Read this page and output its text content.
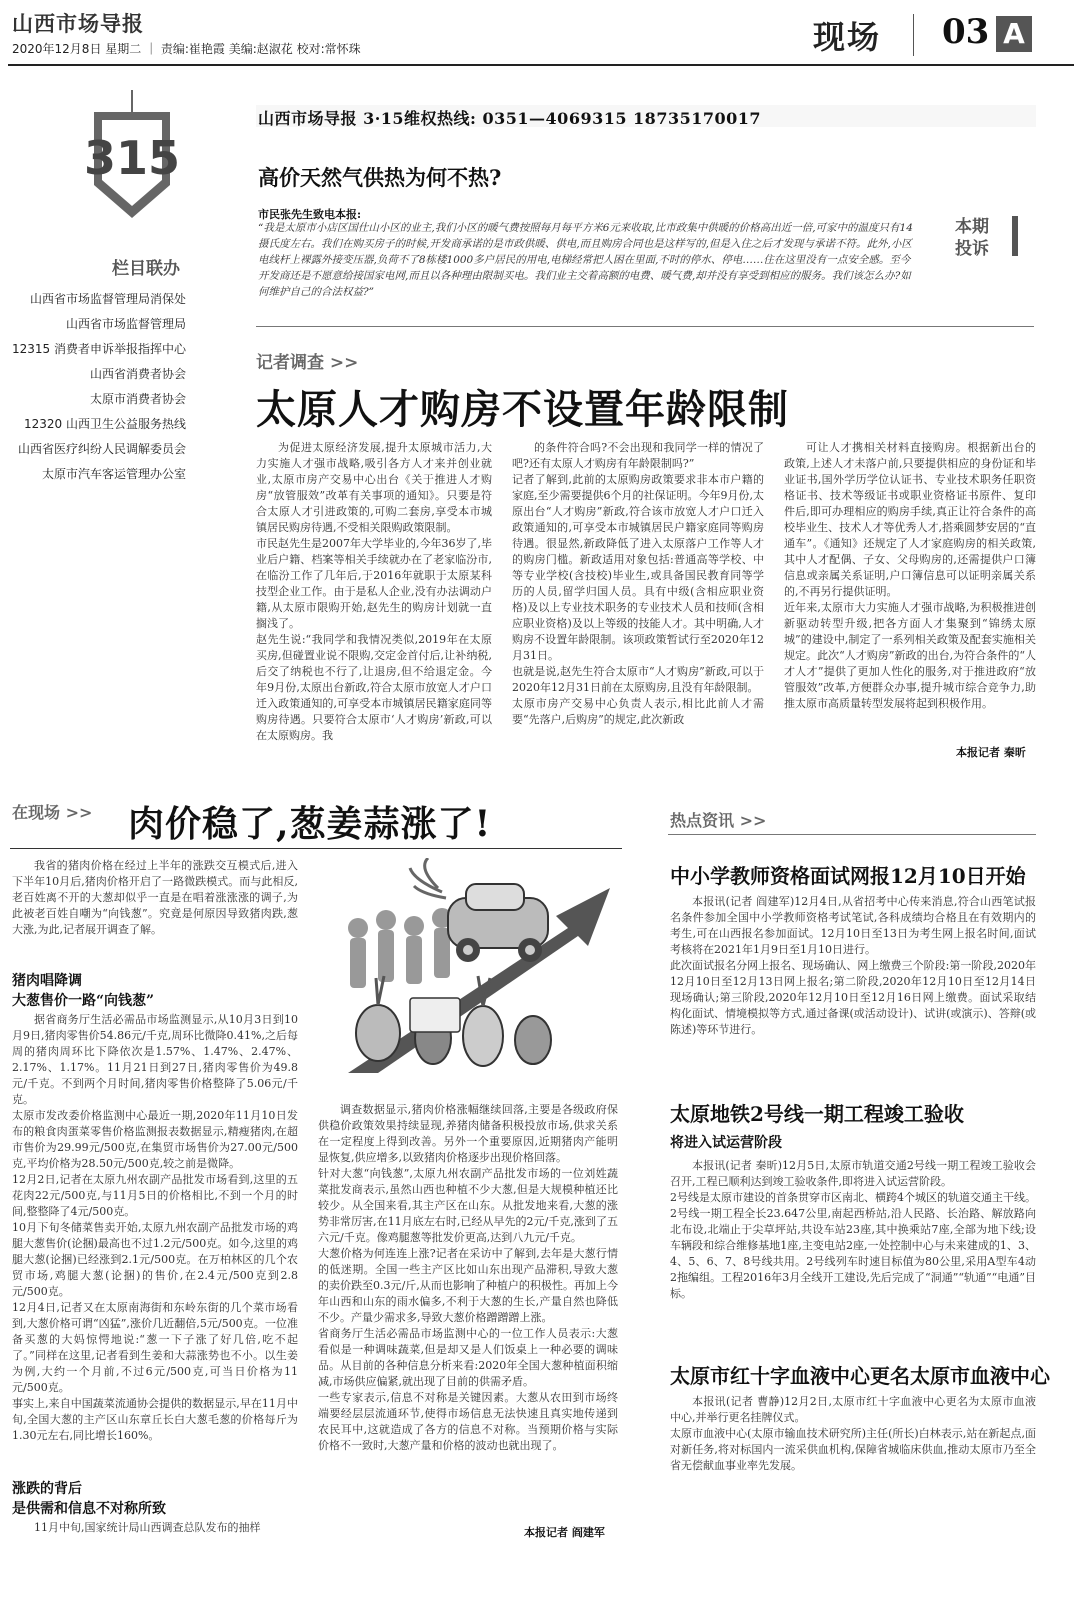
山西市场导报
2020年12月8日 星期二 ｜ 责编:崔艳霞 美编:赵淑花 校对:常怀珠	现场 03 A
315
栏目联办
山西省市场监督管理局消保处
山西省市场监督管理局
12315 消费者申诉举报指挥中心
山西省消费者协会
太原市消费者协会
12320 山西卫生公益服务热线
山西省医疗纠纷人民调解委员会
太原市汽车客运管理办公室
山西市场导报 3·15维权热线: 0351—4069315 18735170017
高价天然气供热为何不热?
市民张先生致电本报:
“我是太原市小店区国仕山小区的业主,我们小区的暖气费按照每月每平方米6元来收取,比市政集中供暖的价格高出近一倍,可家中的温度只有14摄氏度左右。我们在购买房子的时候,开发商承诺的是市政供暖、供电,而且购房合同也是这样写的,但是入住之后才发现与承诺不符。此外,小区电线杆上裸露外接变压器,负荷不了8栋楼1000多户居民的用电,电梯经常把人困在里面,不时的停水、停电……住在这里没有一点安全感。至今开发商还是不愿意给接国家电网,而且以各种理由限制买电。我们业主交着高额的电费、暖气费,却并没有享受到相应的服务。我们该怎么办?如何维护自己的合法权益?”
本期
投诉
记者调查 >>
太原人才购房不设置年龄限制
为促进太原经济发展,提升太原城市活力,大力实施人才强市战略,吸引各方人才来并创业就业,太原市房产交易中心出台《关于推进人才购房“放管服效”改革有关事项的通知》。只要是符合太原人才引进政策的,可购二套房,享受本市城镇居民购房待遇,不受相关限购政策限制。
市民赵先生是2007年大学毕业的,今年36岁了,毕业后户籍、档案等相关手续就办在了老家临汾市,在临汾工作了几年后,于2016年就职于太原某科技型企业工作。由于是私人企业,没有办法调动户籍,从太原市限购开始,赵先生的购房计划就一直搁浅了。
赵先生说:“我同学和我情况类似,2019年在太原买房,但碰置业说不限购,交定金首付后,让补纳税,后交了纳税也不行了,让退房,但不给退定金。今年9月份,太原出台新政,符合太原市放宽人才户口迁入政策通知的,可享受本市城镇居民籍家庭同等购房待遇。只要符合太原市‘人才购房’新政,可以在太原购房。我
的条件符合吗?不会出现和我同学一样的情况了吧?还有太原人才购房有年龄限制吗?”
记者了解到,此前的太原购房政策要求非本市户籍的家庭,至少需要提供6个月的社保证明。今年9月份,太原出台“人才购房”新政,符合该市放宽人才户口迁入政策通知的,可享受本市城镇居民户籍家庭同等购房待遇。很显然,新政降低了进入太原落户工作等人才的购房门槛。新政适用对象包括:普通高等学校、中等专业学校(含技校)毕业生,或具备国民教育同等学历的人员,留学归国人员。具有中级(含相应职业资格)及以上专业技术职务的专业技术人员和技师(含相应职业资格)及以上等级的技能人才。其中明确,人才购房不设置年龄限制。该项政策暂试行至2020年12月31日。
也就是说,赵先生符合太原市“人才购房”新政,可以于2020年12月31日前在太原购房,且没有年龄限制。
太原市房产交易中心负责人表示,相比此前人才需要“先落户,后购房”的规定,此次新政
可让人才携相关材料直接购房。根据新出台的政策,上述人才未落户前,只要提供相应的身份证和毕业证书,国外学历学位认证书、专业技术职务任职资格证书、技术等级证书或职业资格证书原件、复印件后,即可办理相应的购房手续,真正让符合条件的高校毕业生、技术人才等优秀人才,搭乘圆梦安居的“直通车”。《通知》还规定了人才家庭购房的相关政策,其中人才配偶、子女、父母购房的,还需提供户口簿信息或亲属关系证明,户口簿信息可以证明亲属关系的,不再另行提供证明。
近年来,太原市大力实施人才强市战略,为积极推进创新驱动转型升级,把各方面人才集聚到“锦绣太原城”的建设中,制定了一系列相关政策及配套实施相关规定。此次“人才购房”新政的出台,为符合条件的“人才人才”提供了更加人性化的服务,对于推进政府“放管服效”改革,方便群众办事,提升城市综合竞争力,助推太原市高质量转型发展将起到积极作用。
本报记者 秦昕
在现场 >> 肉价稳了,葱姜蒜涨了!
我省的猪肉价格在经过上半年的涨跌交互模式后,进入下半年10月后,猪肉价格开启了一路微跌模式。而与此相反,老百姓离不开的大葱却似乎一直是在唱着涨涨涨的调子,为此被老百姓自嘲为“向钱葱”。究竟是何原因导致猪肉跌,葱大涨,为此,记者展开调查了解。
猪肉唱降调
大葱售价一路“向钱葱”
据省商务厅生活必需品市场监测显示,从10月3日到10月9日,猪肉零售价54.86元/千克,周环比微降0.41%,之后每周的猪肉周环比下降依次是1.57%、1.47%、2.47%、2.17%、1.17%。11月21日到27日,猪肉零售价为49.8元/千克。不到两个月时间,猪肉零售价格整降了5.06元/千克。
太原市发改委价格监测中心最近一期,2020年11月10日发布的粮食肉蛋菜零售价格监测报表数据显示,精瘦猪肉,在超市售价为29.99元/500克,在集贸市场售价为27.00元/500克,平均价格为28.50元/500克,较之前是微降。
12月2日,记者在太原九州农副产品批发市场看到,这里的五花肉22元/500克,与11月5日的价格相比,不到一个月的时间,整整降了4元/500克。
10月下旬冬储菜售卖开始,太原九州农副产品批发市场的鸡腿大葱售价(论捆)最高也不过1.2元/500克。如今,这里的鸡腿大葱(论捆)已经涨到2.1元/500克。在万柏林区的几个农贸市场,鸡腿大葱(论捆)的售价,在2.4元/500克到2.8元/500克。
12月4日,记者又在太原南海街和东岭东街的几个菜市场看到,大葱价格可谓“凶猛”,涨价几近翻倍,5元/500克。一位准备买葱的大妈惊愕地说:“葱一下子涨了好几倍,吃不起了。”同样在这里,记者看到生姜和大蒜涨势也不小。以生姜为例,大约一个月前,不过6元/500克,可当日价格为11元/500克。
事实上,来自中国蔬菜流通协会提供的数据显示,早在11月中旬,全国大葱的主产区山东章丘长白大葱毛葱的价格每斤为1.30元左右,同比增长160%。
涨跌的背后
是供需和信息不对称所致
11月中旬,国家统计局山西调查总队发布的抽样
调查数据显示,猪肉价格涨幅继续回落,主要是各级政府保供稳价政策效果持续显现,养猪肉储备积极投放市场,供求关系在一定程度上得到改善。另外一个重要原因,近期猪肉产能明显恢复,供应增多,以致猪肉价格逐步出现价格回落。
针对大葱“向钱葱”,太原九州农副产品批发市场的一位刘姓蔬菜批发商表示,虽然山西也种植不少大葱,但是大规模种植还比较少。从全国来看,其主产区在山东。从批发地来看,大葱的涨势非常厉害,在11月底左右时,已经从早先的2元/千克,涨到了五六元/千克。像鸡腿葱等批发价更高,达到八九元/千克。
大葱价格为何连连上涨?记者在采访中了解到,去年是大葱行情的低迷期。全国一些主产区比如山东出现产品滞积,导致大葱的卖价跌至0.3元/斤,从而也影响了种植户的积极性。再加上今年山西和山东的雨水偏多,不利于大葱的生长,产量自然也降低不少。产量少需求多,导致大葱价格蹭蹭蹭上涨。
省商务厅生活必需品市场监测中心的一位工作人员表示:大葱看似是一种调味蔬菜,但是却又是人们饭桌上一种必要的调味品。从目前的各种信息分析来看:2020年全国大葱种植面积缩减,市场供应偏紧,就出现了目前的供需矛盾。
一些专家表示,信息不对称是关键因素。大葱从农田到市场终端要经层层流通环节,使得市场信息无法快速且真实地传递到农民耳中,这就造成了各方的信息不对称。当预期价格与实际价格不一致时,大葱产量和价格的波动也就出现了。
本报记者 阎建军
热点资讯 >>
中小学教师资格面试网报12月10日开始
本报讯(记者 阎建军)12月4日,从省招考中心传来消息,符合山西笔试报名条件参加全国中小学教师资格考试笔试,各科成绩均合格且在有效期内的考生,可在山西报名参加面试。12月10日至13日为考生网上报名时间,面试考核将在2021年1月9日至1月10日进行。
此次面试报名分网上报名、现场确认、网上缴费三个阶段:第一阶段,2020年12月10日至12月13日网上报名;第二阶段,2020年12月10日至12月14日现场确认;第三阶段,2020年12月10日至12月16日网上缴费。面试采取结构化面试、情境模拟等方式,通过备课(或活动设计)、试讲(或演示)、答辩(或陈述)等环节进行。
太原地铁2号线一期工程竣工验收
将进入试运营阶段
本报讯(记者 秦昕)12月5日,太原市轨道交通2号线一期工程竣工验收会召开,工程已顺利达到竣工验收条件,即将进入试运营阶段。
2号线是太原市建设的首条贯穿市区南北、横跨4个城区的轨道交通主干线。2号线一期工程全长23.647公里,南起西桥站,沿人民路、长治路、解放路向北布设,北端止于尖草坪站,共设车站23座,其中换乘站7座,全部为地下线;设车辆段和综合维修基地1座,主变电站2座,一处控制中心与未来建成的1、3、4、5、6、7、8号线共用。2号线列车时速目标值为80公里,采用A型车4动2拖编组。工程2016年3月全线开工建设,先后完成了“洞通”“轨通”“电通”目标。
太原市红十字血液中心更名太原市血液中心
本报讯(记者 曹静)12月2日,太原市红十字血液中心更名为太原市血液中心,并举行更名挂牌仪式。
太原市血液中心(太原市输血技术研究所)主任(所长)白林表示,站在新起点,面对新任务,将对标国内一流采供血机构,保障省城临床供血,推动太原市乃至全省无偿献血事业率先发展。
